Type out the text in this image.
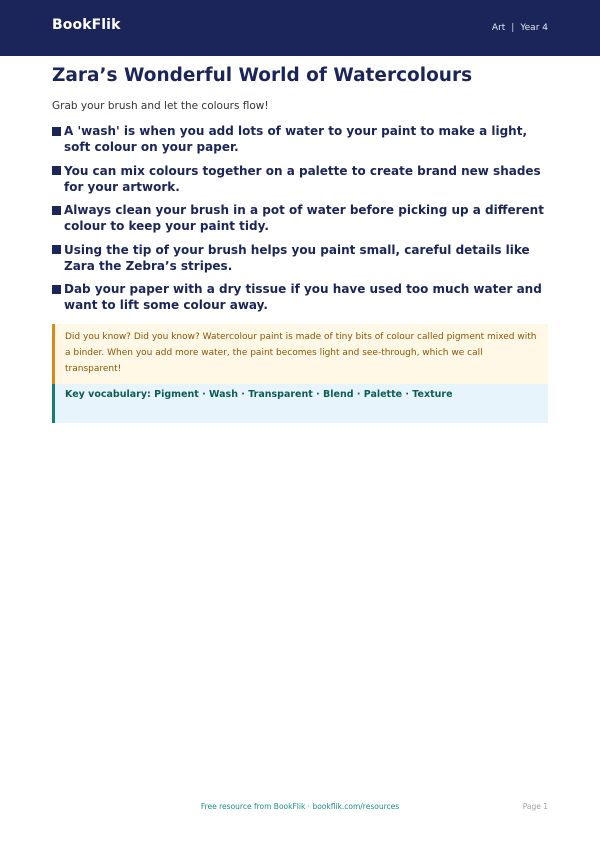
BookFlik	Art | Year 4
Zara’s Wonderful World of Watercolours

Grab your brush and let the colours flow!

A 'wash' is when you add lots of water to your paint to make a light, soft colour on your paper.
You can mix colours together on a palette to create brand new shades for your artwork.
Always clean your brush in a pot of water before picking up a different colour to keep your paint tidy.
Using the tip of your brush helps you paint small, careful details like Zara the Zebra’s stripes.
Dab your paper with a dry tissue if you have used too much water and want to lift some colour away.
Did you know? Did you know? Watercolour paint is made of tiny bits of colour called pigment mixed with a binder. When you add more water, the paint becomes light and see-through, which we call transparent!
Key vocabulary: Pigment · Wash · Transparent · Blend · Palette · Texture
Free resource from BookFlik · bookflik.com/resources	Page 1
